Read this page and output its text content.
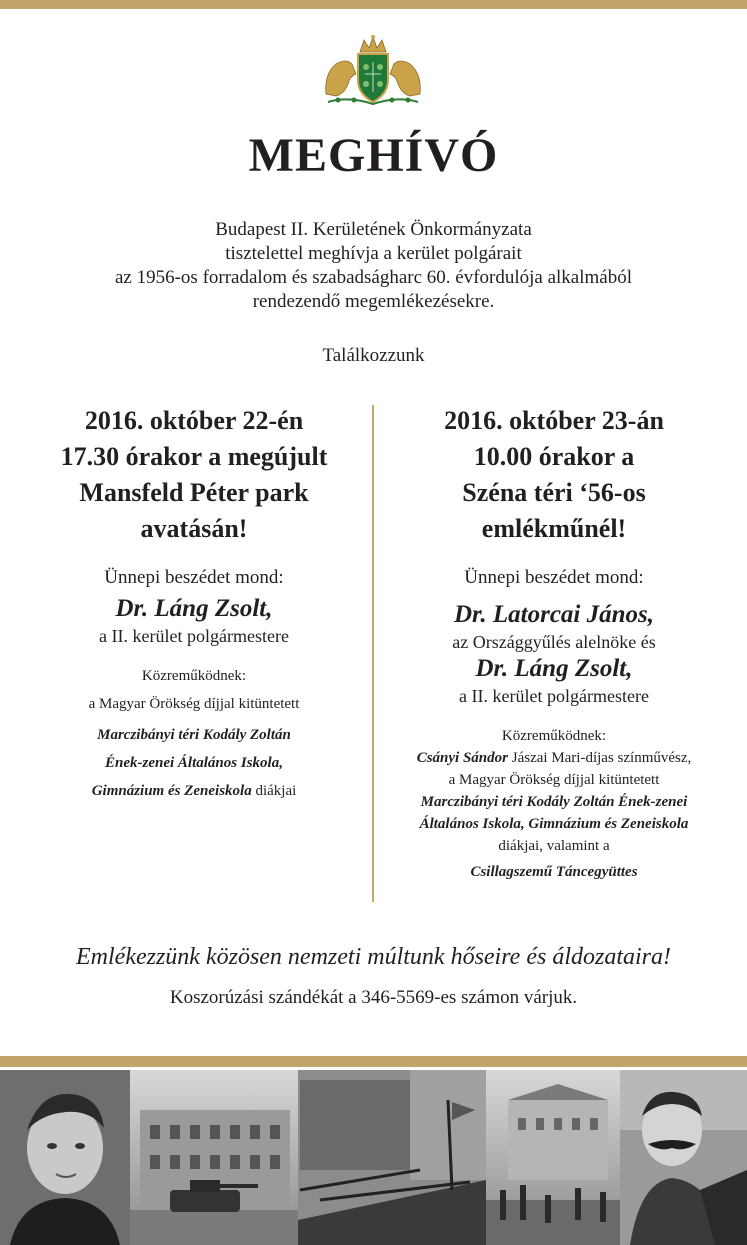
MEGHÍVÓ
Budapest II. Kerületének Önkormányzata
tisztelettel meghívja a kerület polgárait
az 1956-os forradalom és szabadságharc 60. évfordulója alkalmából
rendezendő megemlékezésekre.
Találkozzunk
2016. október 22-én
17.30 órakor a megújult
Mansfeld Péter park
avatásán!
Ünnepi beszédet mond:
Dr. Láng Zsolt,
a II. kerület polgármestere
Közreműködnek:
a Magyar Örökség díjjal kitüntetett
Marczibányi téri Kodály Zoltán
Ének-zenei Általános Iskola,
Gimnázium és Zeneiskola diákjai
2016. október 23-án
10.00 órakor a
Széna téri ‘56-os
emlékműnél!
Ünnepi beszédet mond:
Dr. Latorcai János,
az Országgyűlés alelnöke és
Dr. Láng Zsolt,
a II. kerület polgármestere
Közreműködnek:
Csányi Sándor Jászai Mari-díjas színművész,
a Magyar Örökség díjjal kitüntetett
Marczibányi téri Kodály Zoltán Ének-zenei
Általános Iskola, Gimnázium és Zeneiskola
diákjai, valamint a
Csillagszemű Táncegyüttes
Emlékezzünk közösen nemzeti múltunk hőseire és áldozataira!
Koszorúzási szándékát a 346-5569-es számon várjuk.
